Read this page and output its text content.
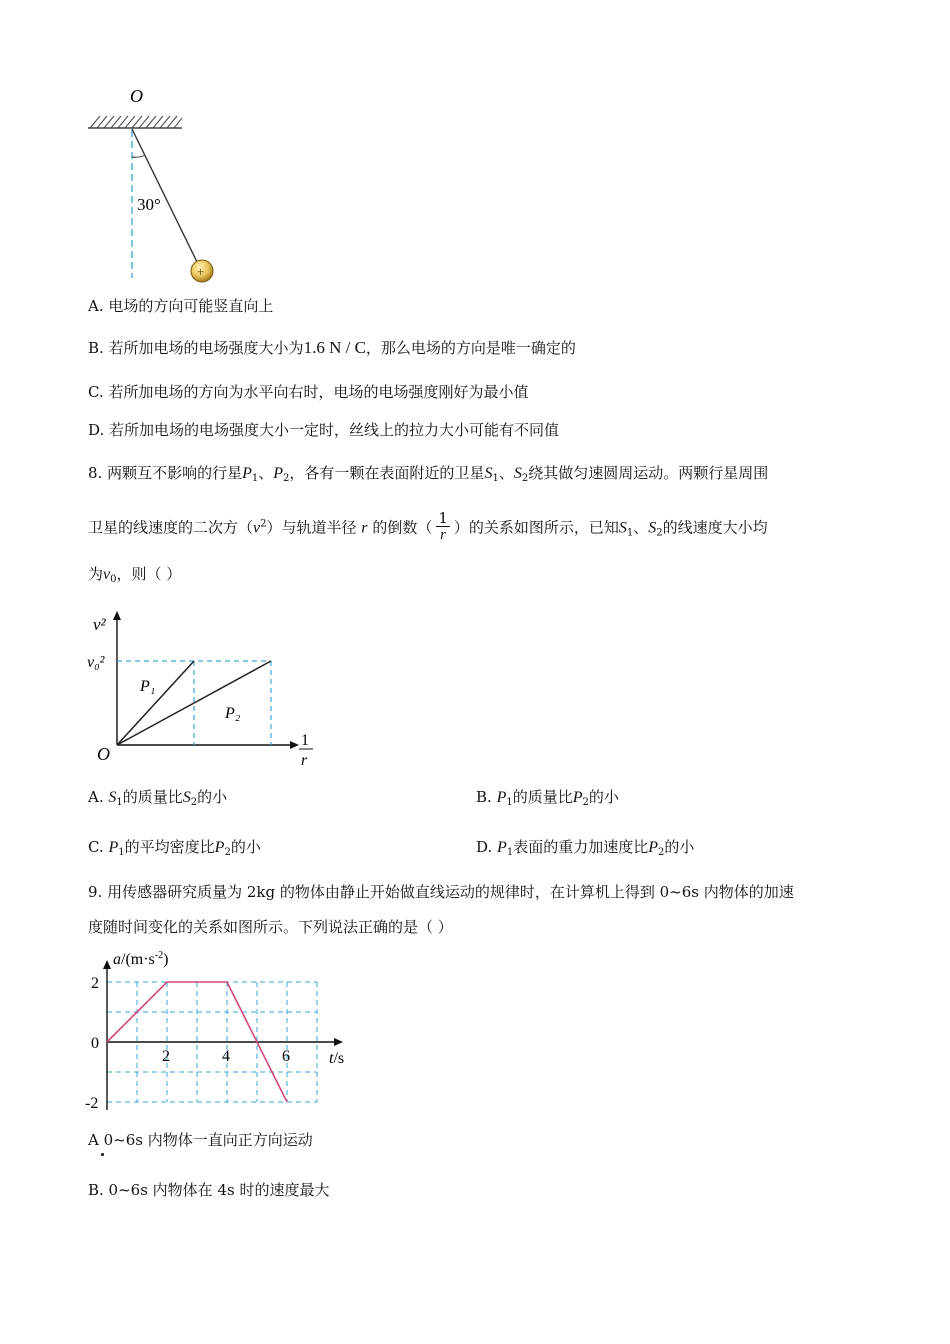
O
30°
+
A. 电场的方向可能竖直向上
B. 若所加电场的电场强度大小为1.6 N / C，那么电场的方向是唯一确定的
C. 若所加电场的方向为水平向右时，电场的电场强度刚好为最小值
D. 若所加电场的电场强度大小一定时，丝线上的拉力大小可能有不同值
8. 两颗互不影响的行星$P_1$、$P_2$，各有一颗在表面附近的卫星$S_1$、$S_2$绕其做匀速圆周运动。两颗行星周围
卫星的线速度的二次方$(v^2)$与轨道半径 r 的倒数（ $\frac{1}{r}$ ）的关系如图所示，已知$S_1$、$S_2$的线速度大小均
为$v_0$，则（ ）
v²
v₀²
O
1
r
P₁
P₂
A. $S_1$的质量比$S_2$的小	B. $P_1$的质量比$P_2$的小
C. $P_1$的平均密度比$P_2$的小	D. $P_1$表面的重力加速度比$P_2$的小
9. 用传感器研究质量为 2kg 的物体由静止开始做直线运动的规律时，在计算机上得到 0~6s 内物体的加速
度随时间变化的关系如图所示。下列说法正确的是（ ）
$a/(m\cdot s^{-2})$
2	4	6
2
0
-2
t/s
A 0~6s 内物体一直向正方向运动
B. 0~6s 内物体在 4s 时的速度最大
